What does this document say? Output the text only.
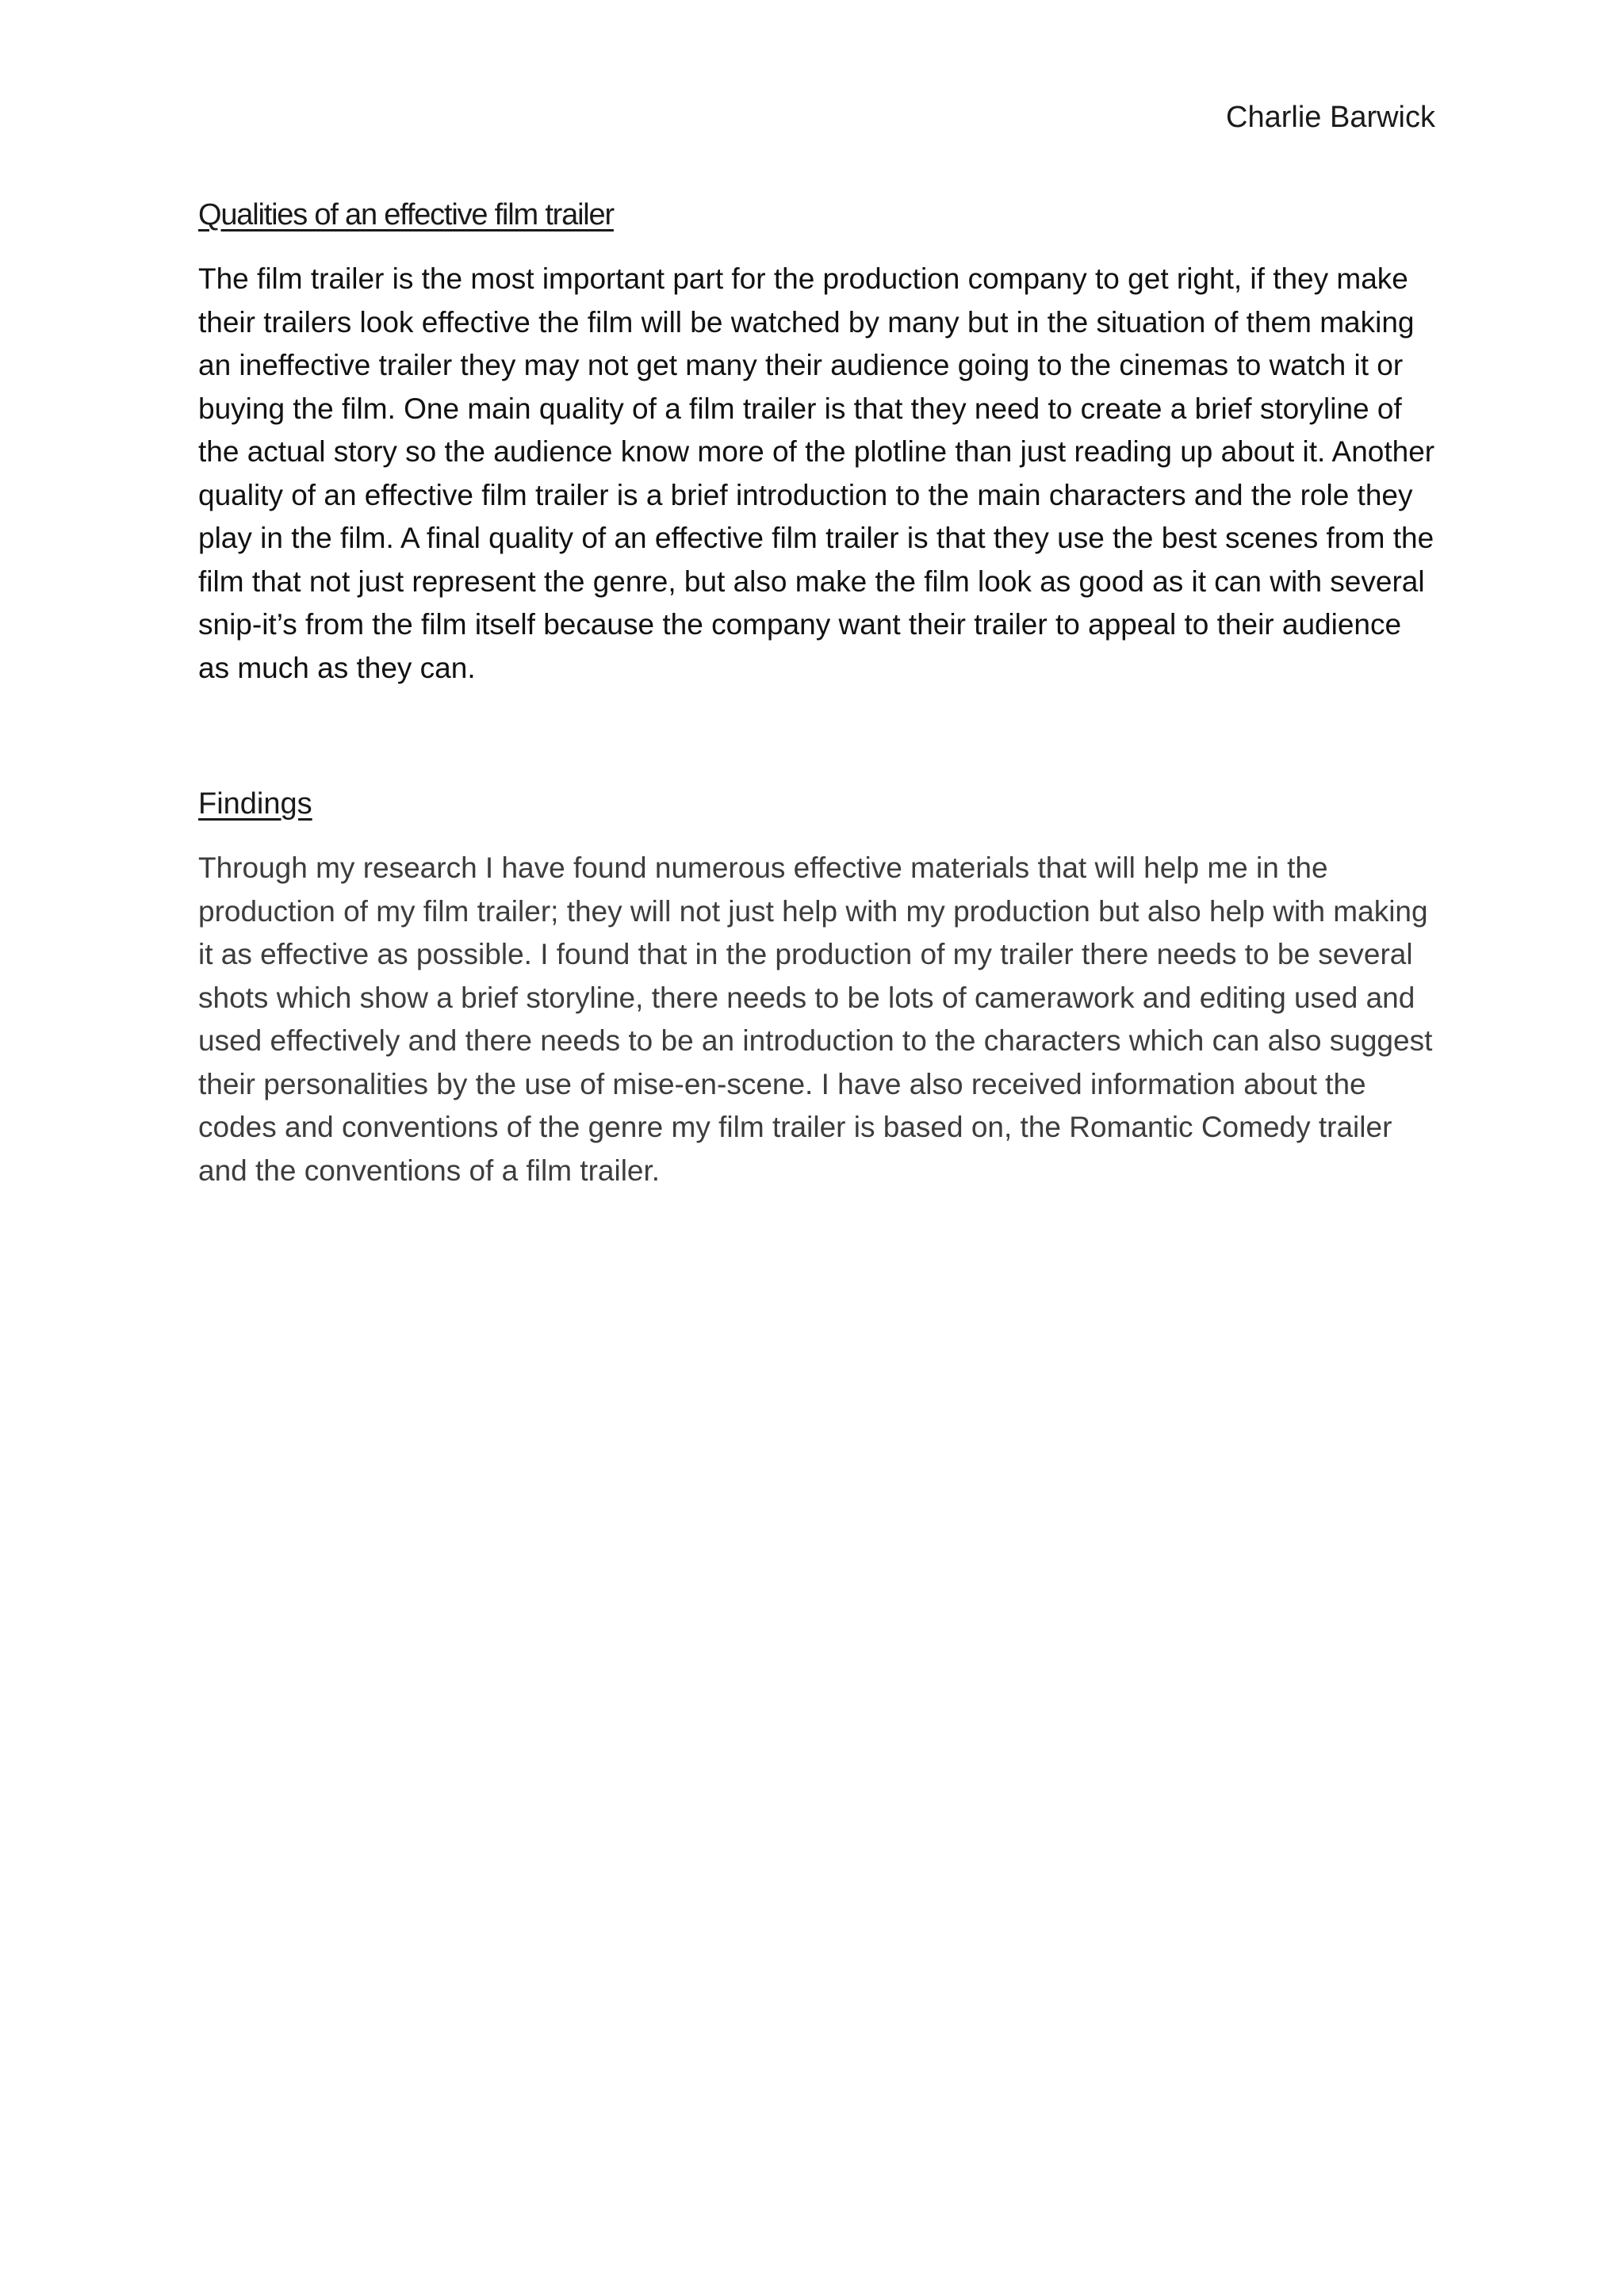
Charlie Barwick
Qualities of an effective film trailer

The film trailer is the most important part for the production company to get right, if they make their trailers look effective the film will be watched by many but in the situation of them making an ineffective trailer they may not get many their audience going to the cinemas to watch it or buying the film. One main quality of a film trailer is that they need to create a brief storyline of the actual story so the audience know more of the plotline than just reading up about it. Another quality of an effective film trailer is a brief introduction to the main characters and the role they play in the film. A final quality of an effective film trailer is that they use the best scenes from the film that not just represent the genre, but also make the film look as good as it can with several snip-it’s from the film itself because the company want their trailer to appeal to their audience as much as they can.

Findings

Through my research I have found numerous effective materials that will help me in the production of my film trailer; they will not just help with my production but also help with making it as effective as possible. I found that in the production of my trailer there needs to be several shots which show a brief storyline, there needs to be lots of camerawork and editing used and used effectively and there needs to be an introduction to the characters which can also suggest their personalities by the use of mise-en-scene. I have also received information about the codes and conventions of the genre my film trailer is based on, the Romantic Comedy trailer and the conventions of a film trailer.
